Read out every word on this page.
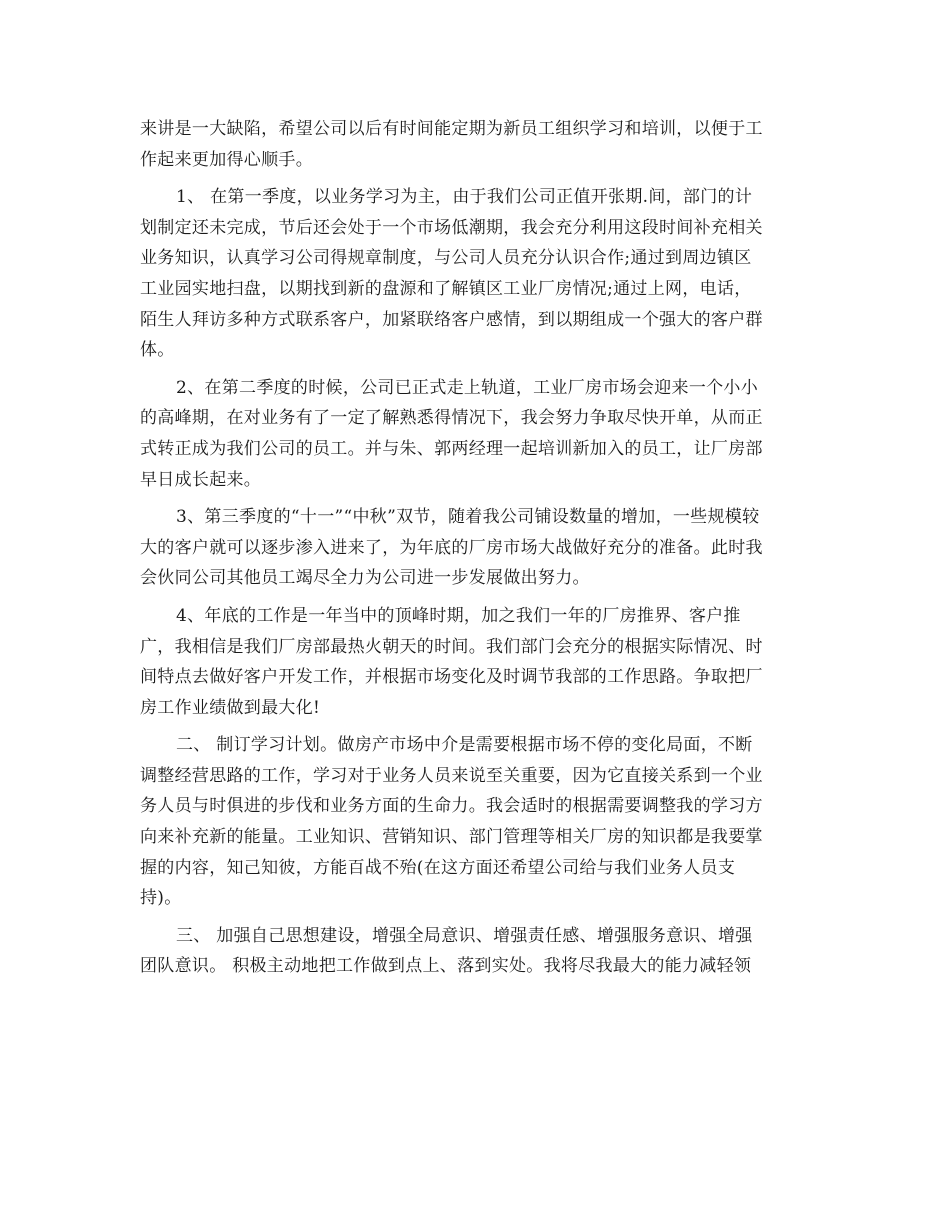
来讲是一大缺陷，希望公司以后有时间能定期为新员工组织学习和培训，以便于工
作起来更加得心顺手。
1、 在第一季度，以业务学习为主，由于我们公司正值开张期.间，部门的计
划制定还未完成，节后还会处于一个市场低潮期，我会充分利用这段时间补充相关
业务知识，认真学习公司得规章制度，与公司人员充分认识合作;通过到周边镇区
工业园实地扫盘，以期找到新的盘源和了解镇区工业厂房情况;通过上网，电话，
陌生人拜访多种方式联系客户，加紧联络客户感情，到以期组成一个强大的客户群
体。
2、在第二季度的时候，公司已正式走上轨道，工业厂房市场会迎来一个小小
的高峰期，在对业务有了一定了解熟悉得情况下，我会努力争取尽快开单，从而正
式转正成为我们公司的员工。并与朱、郭两经理一起培训新加入的员工，让厂房部
早日成长起来。
3、第三季度的“十一”“中秋”双节，随着我公司铺设数量的增加，一些规模较
大的客户就可以逐步渗入进来了，为年底的厂房市场大战做好充分的准备。此时我
会伙同公司其他员工竭尽全力为公司进一步发展做出努力。
4、年底的工作是一年当中的顶峰时期，加之我们一年的厂房推界、客户推
广，我相信是我们厂房部最热火朝天的时间。我们部门会充分的根据实际情况、时
间特点去做好客户开发工作，并根据市场变化及时调节我部的工作思路。争取把厂
房工作业绩做到最大化!
二、 制订学习计划。做房产市场中介是需要根据市场不停的变化局面，不断
调整经营思路的工作，学习对于业务人员来说至关重要，因为它直接关系到一个业
务人员与时俱进的步伐和业务方面的生命力。我会适时的根据需要调整我的学习方
向来补充新的能量。工业知识、营销知识、部门管理等相关厂房的知识都是我要掌
握的内容，知己知彼，方能百战不殆(在这方面还希望公司给与我们业务人员支
持)。
三、 加强自己思想建设，增强全局意识、增强责任感、增强服务意识、增强
团队意识。 积极主动地把工作做到点上、落到实处。我将尽我最大的能力减轻领
